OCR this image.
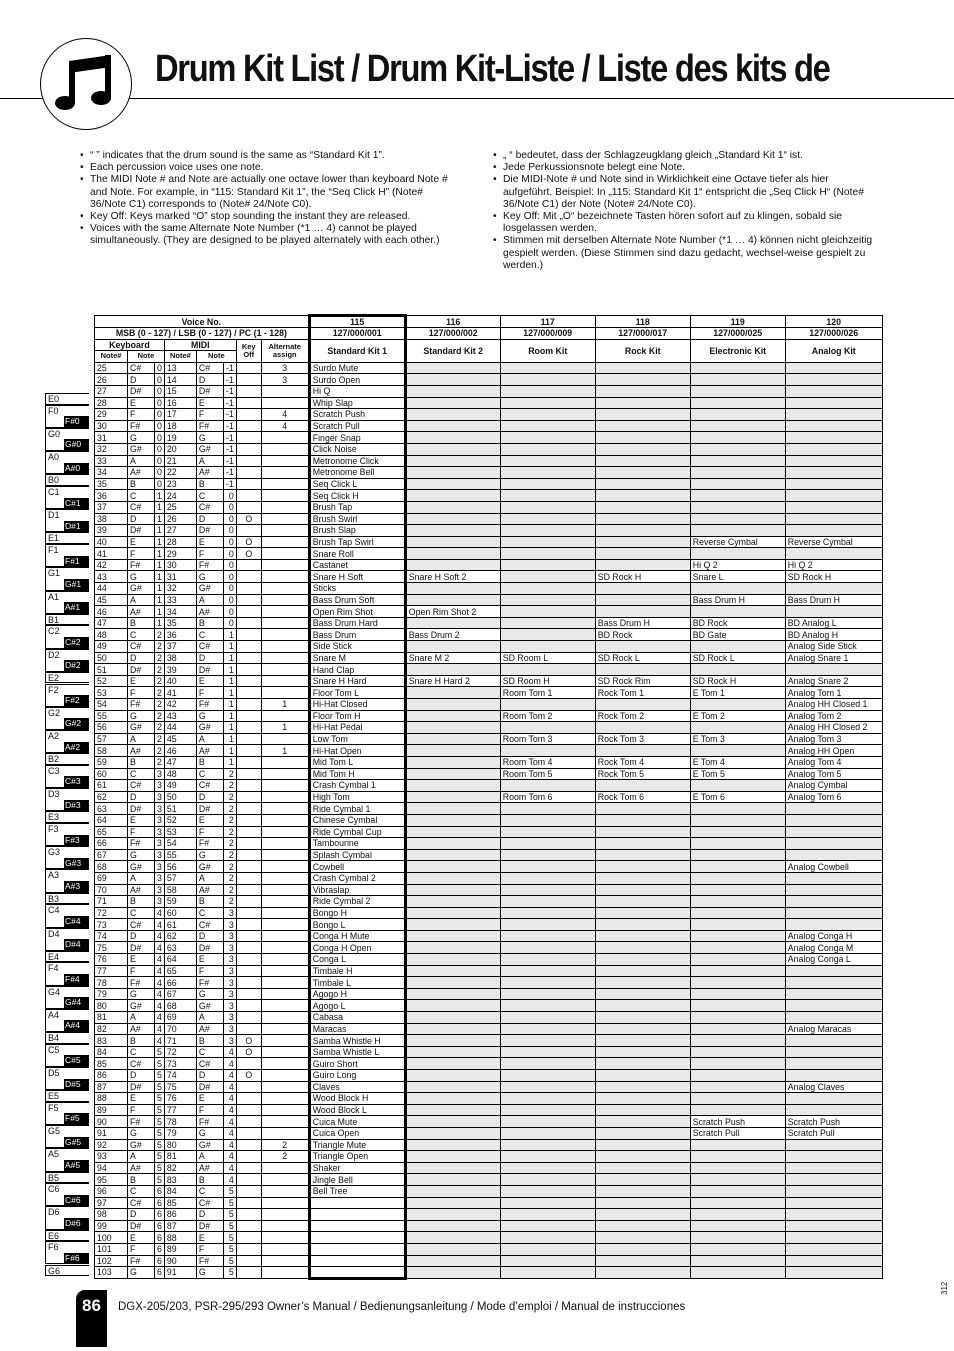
Drum Kit List / Drum Kit-Liste / Liste des kits de
• “ ” indicates that the drum sound is the same as “Standard Kit 1”.
• Each percussion voice uses one note.
• The MIDI Note # and Note are actually one octave lower than keyboard Note # and Note. For example, in “115: Standard Kit 1”, the “Seq Click H” (Note# 36/Note C1) corresponds to (Note# 24/Note C0).
• Key Off: Keys marked “O” stop sounding the instant they are released.
• Voices with the same Alternate Note Number (*1 … 4) cannot be played simultaneously. (They are designed to be played alternately with each other.)
• „ “ bedeutet, dass der Schlagzeugklang gleich „Standard Kit 1“ ist.
• Jede Perkussionsnote belegt eine Note.
• Die MIDI-Note # und Note sind in Wirklichkeit eine Octave tiefer als hier aufgeführt. Beispiel: In „115: Standard Kit 1“ entspricht die „Seq Click H“ (Note# 36/Note C1) der Note (Note# 24/Note C0).
• Key Off: Mit „O“ bezeichnete Tasten hören sofort auf zu klingen, sobald sie losgelassen werden.
• Stimmen mit derselben Alternate Note Number (*1 … 4) können nicht gleichzeitig gespielt werden. (Diese Stimmen sind dazu gedacht, wechsel-weise gespielt zu werden.)
E0
F0
F#0
G0
G#0
A0
A#0
B0
C1
C#1
D1
D#1
E1
F1
F#1
G1
G#1
A1
A#1
B1
C2
C#2
D2
D#2
E2
F2
F#2
G2
G#2
A2
A#2
B2
C3
C#3
D3
D#3
E3
F3
F#3
G3
G#3
A3
A#3
B3
C4
C#4
D4
D#4
E4
F4
F#4
G4
G#4
A4
A#4
B4
C5
C#5
D5
D#5
E5
F5
F#5
G5
G#5
A5
A#5
B5
C6
C#6
D6
D#6
E6
F6
F#6
G6
Voice No.								115	116	117	118	119	120
MSB (0 - 127) / LSB (0 - 127) / PC (1 - 128)								127/000/001	127/000/002	127/000/009	127/000/017	127/000/025	127/000/026
Keyboard			MIDI			Key Off	Alternate assign	Standard Kit 1	Standard Kit 2	Room Kit	Rock Kit	Electronic Kit	Analog Kit
Note#	Note		Note#	Note									
25	C#	0	13	C#	-1		3	Surdo Mute					
26	D	0	14	D	-1		3	Surdo Open					
27	D#	0	15	D#	-1			Hi Q					
28	E	0	16	E	-1			Whip Slap					
29	F	0	17	F	-1		4	Scratch Push					
30	F#	0	18	F#	-1		4	Scratch Pull					
31	G	0	19	G	-1			Finger Snap					
32	G#	0	20	G#	-1			Click Noise					
33	A	0	21	A	-1			Metronome Click					
34	A#	0	22	A#	-1			Metronome Bell					
35	B	0	23	B	-1			Seq Click L					
36	C	1	24	C	0			Seq Click H					
37	C#	1	25	C#	0			Brush Tap					
38	D	1	26	D	0	O		Brush Swirl					
39	D#	1	27	D#	0			Brush Slap					
40	E	1	28	E	0	O		Brush Tap Swirl				Reverse Cymbal	Reverse Cymbal
41	F	1	29	F	0	O		Snare Roll					
42	F#	1	30	F#	0			Castanet				Hi Q 2	Hi Q 2
43	G	1	31	G	0			Snare H Soft	Snare H Soft 2		SD Rock H	Snare L	SD Rock H
44	G#	1	32	G#	0			Sticks					
45	A	1	33	A	0			Bass Drum Soft				Bass Drum H	Bass Drum H
46	A#	1	34	A#	0			Open Rim Shot	Open Rim Shot 2				
47	B	1	35	B	0			Bass Drum Hard			Bass Drum H	BD Rock	BD Analog L
48	C	2	36	C	1			Bass Drum	Bass Drum 2		BD Rock	BD Gate	BD Analog H
49	C#	2	37	C#	1			Side Stick					Analog Side Stick
50	D	2	38	D	1			Snare M	Snare M 2	SD Room L	SD Rock L	SD Rock L	Analog Snare 1
51	D#	2	39	D#	1			Hand Clap					
52	E	2	40	E	1			Snare H Hard	Snare H Hard 2	SD Room H	SD Rock Rim	SD Rock H	Analog Snare 2
53	F	2	41	F	1			Floor Tom L		Room Tom 1	Rock Tom 1	E Tom 1	Analog Tom 1
54	F#	2	42	F#	1		1	Hi-Hat Closed					Analog HH Closed 1
55	G	2	43	G	1			Floor Tom H		Room Tom 2	Rock Tom 2	E Tom 2	Analog Tom 2
56	G#	2	44	G#	1		1	Hi-Hat Pedal					Analog HH Closed 2
57	A	2	45	A	1			Low Tom		Room Tom 3	Rock Tom 3	E Tom 3	Analog Tom 3
58	A#	2	46	A#	1		1	Hi-Hat Open					Analog HH Open
59	B	2	47	B	1			Mid Tom L		Room Tom 4	Rock Tom 4	E Tom 4	Analog Tom 4
60	C	3	48	C	2			Mid Tom H		Room Tom 5	Rock Tom 5	E Tom 5	Analog Tom 5
61	C#	3	49	C#	2			Crash Cymbal 1					Analog Cymbal
62	D	3	50	D	2			High Tom		Room Tom 6	Rock Tom 6	E Tom 6	Analog Tom 6
63	D#	3	51	D#	2			Ride Cymbal 1					
64	E	3	52	E	2			Chinese Cymbal					
65	F	3	53	F	2			Ride Cymbal Cup					
66	F#	3	54	F#	2			Tambourine					
67	G	3	55	G	2			Splash Cymbal					
68	G#	3	56	G#	2			Cowbell					Analog Cowbell
69	A	3	57	A	2			Crash Cymbal 2					
70	A#	3	58	A#	2			Vibraslap					
71	B	3	59	B	2			Ride Cymbal 2					
72	C	4	60	C	3			Bongo H					
73	C#	4	61	C#	3			Bongo L					
74	D	4	62	D	3			Conga H Mute					Analog Conga H
75	D#	4	63	D#	3			Conga H Open					Analog Conga M
76	E	4	64	E	3			Conga L					Analog Conga L
77	F	4	65	F	3			Timbale H					
78	F#	4	66	F#	3			Timbale L					
79	G	4	67	G	3			Agogo H					
80	G#	4	68	G#	3			Agogo L					
81	A	4	69	A	3			Cabasa					
82	A#	4	70	A#	3			Maracas					Analog Maracas
83	B	4	71	B	3	O		Samba Whistle H					
84	C	5	72	C	4	O		Samba Whistle L					
85	C#	5	73	C#	4			Guiro Short					
86	D	5	74	D	4	O		Guiro Long					
87	D#	5	75	D#	4			Claves					Analog Claves
88	E	5	76	E	4			Wood Block H					
89	F	5	77	F	4			Wood Block L					
90	F#	5	78	F#	4			Cuica Mute				Scratch Push	Scratch Push
91	G	5	79	G	4			Cuica Open				Scratch Pull	Scratch Pull
92	G#	5	80	G#	4		2	Triangle Mute					
93	A	5	81	A	4		2	Triangle Open					
94	A#	5	82	A#	4			Shaker					
95	B	5	83	B	4			Jingle Bell					
96	C	6	84	C	5			Bell Tree					
97	C#	6	85	C#	5								
98	D	6	86	D	5								
99	D#	6	87	D#	5								
100	E	6	88	E	5								
101	F	6	89	F	5								
102	F#	6	90	F#	5								
103	G	6	91	G	5								
86	DGX-205/203, PSR-295/293 Owner’s Manual / Bedienungsanleitung / Mode d’emploi / Manual de instrucciones
312
